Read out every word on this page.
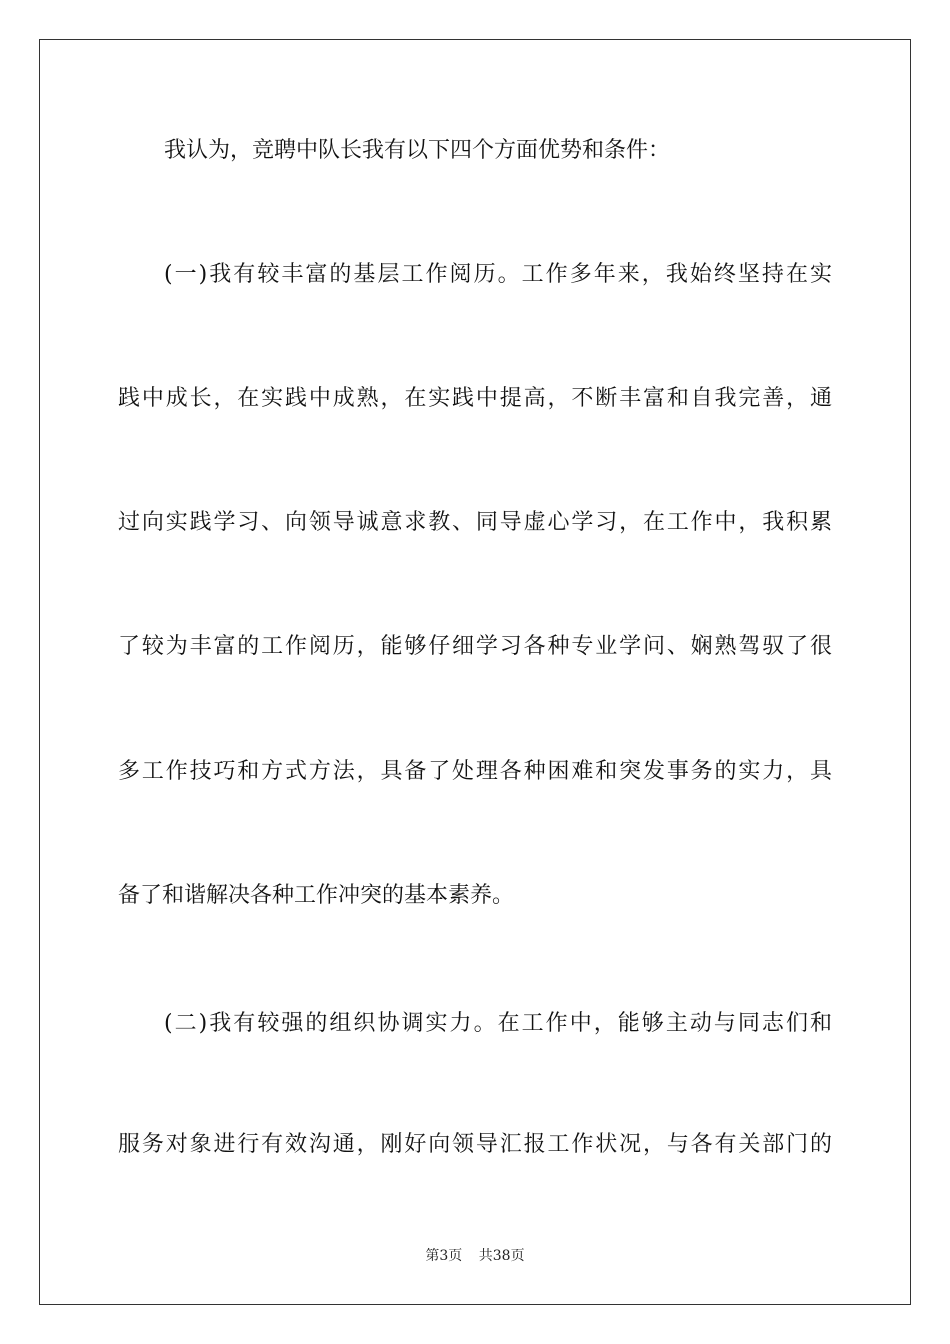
我认为，竞聘中队长我有以下四个方面优势和条件：
(一)我有较丰富的基层工作阅历。工作多年来，我始终坚持在实
践中成长，在实践中成熟，在实践中提高，不断丰富和自我完善，通
过向实践学习、向领导诚意求教、同导虚心学习，在工作中，我积累
了较为丰富的工作阅历，能够仔细学习各种专业学问、娴熟驾驭了很
多工作技巧和方式方法，具备了处理各种困难和突发事务的实力，具
备了和谐解决各种工作冲突的基本素养。
(二)我有较强的组织协调实力。在工作中，能够主动与同志们和
服务对象进行有效沟通，刚好向领导汇报工作状况，与各有关部门的
第3页 共38页
